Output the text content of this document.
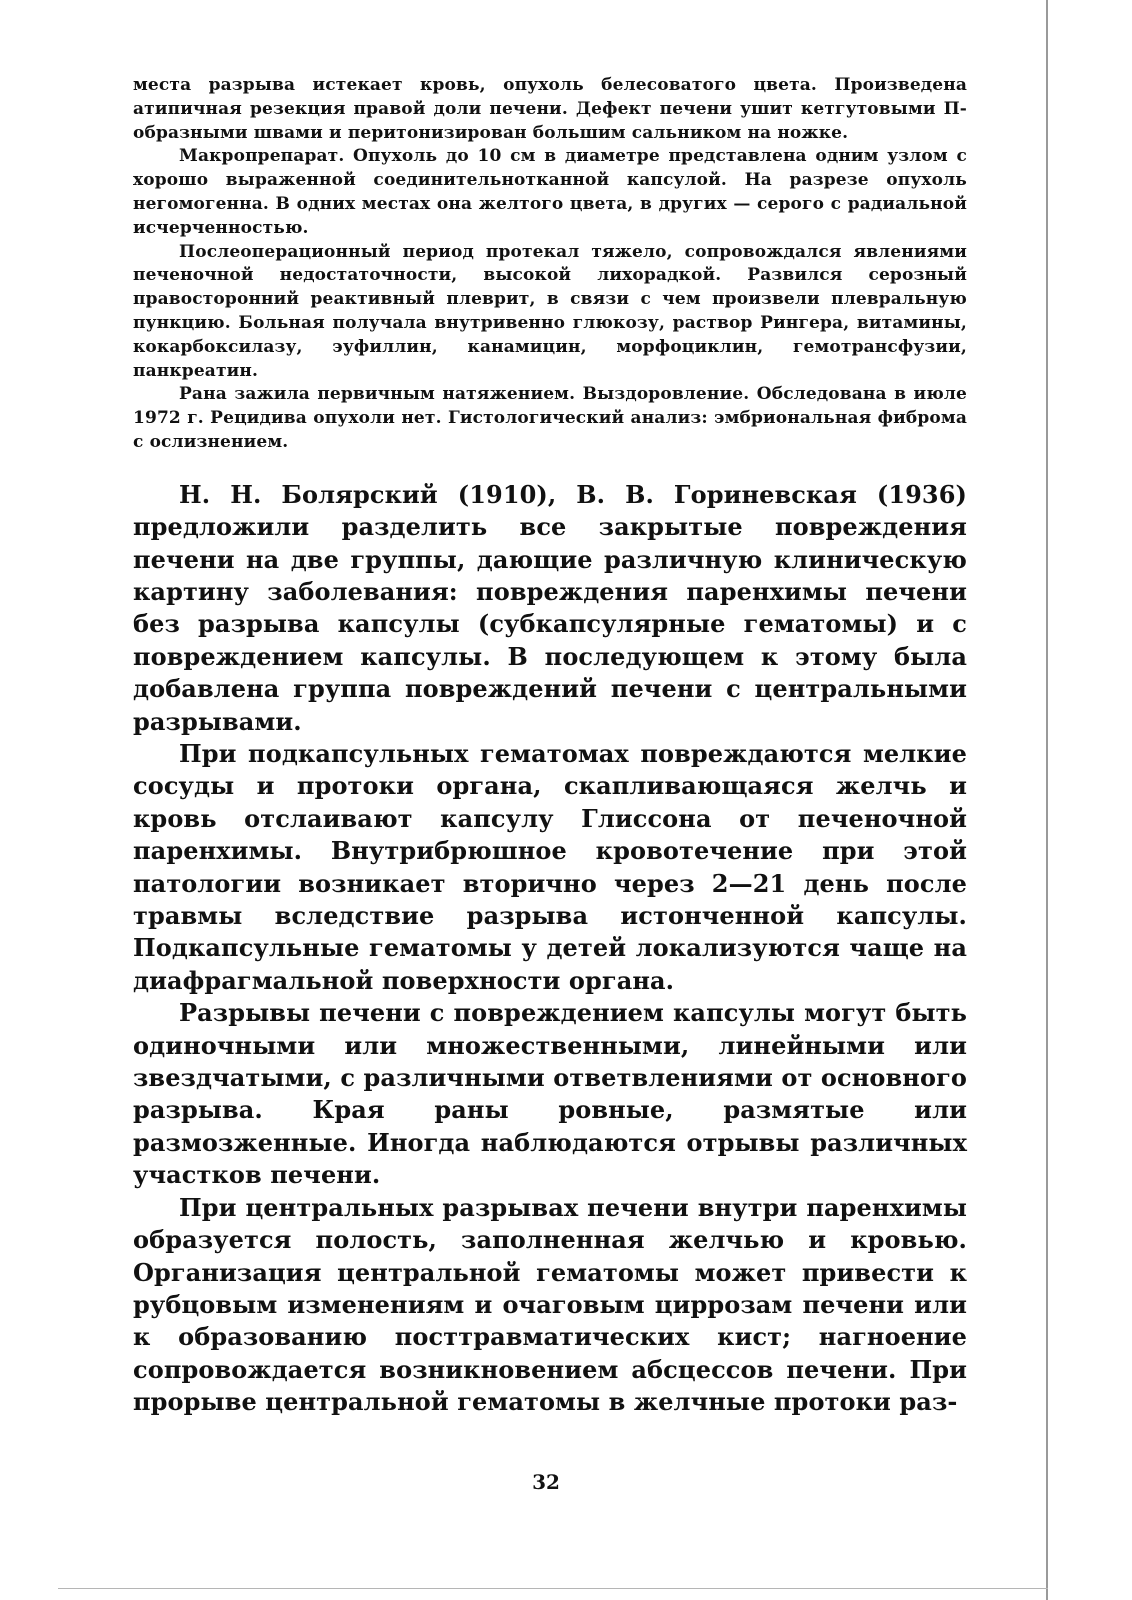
места разрыва истекает кровь, опухоль белесоватого цвета. Произведена атипичная резекция правой доли печени. Дефект печени ушит кетгутовыми П-образными швами и перитонизирован большим сальником на ножке.

Макропрепарат. Опухоль до 10 см в диаметре представлена одним узлом с хорошо выраженной соединительнотканной капсулой. На разрезе опухоль негомогенна. В одних местах она желтого цвета, в других — серого с радиальной исчерченностью.

Послеоперационный период протекал тяжело, сопровождался явлениями печеночной недостаточности, высокой лихорадкой. Развился серозный правосторонний реактивный плеврит, в связи с чем произвели плевральную пункцию. Больная получала внутривенно глюкозу, раствор Рингера, витамины, кокарбоксилазу, эуфиллин, канамицин, морфоциклин, гемотрансфузии, панкреатин.

Рана зажила первичным натяжением. Выздоровление. Обследована в июле 1972 г. Рецидива опухоли нет. Гистологический анализ: эмбриональная фиброма с ослизнением.

Н. Н. Болярский (1910), В. В. Гориневская (1936) предложили разделить все закрытые повреждения печени на две группы, дающие различную клиническую картину заболевания: повреждения паренхимы печени без разрыва капсулы (субкапсулярные гематомы) и с повреждением капсулы. В последующем к этому была добавлена группа повреждений печени с центральными разрывами.

При подкапсульных гематомах повреждаются мелкие сосуды и протоки органа, скапливающаяся желчь и кровь отслаивают капсулу Глиссона от печеночной паренхимы. Внутрибрюшное кровотечение при этой патологии возникает вторично через 2—21 день после травмы вследствие разрыва истонченной капсулы. Подкапсульные гематомы у детей локализуются чаще на диафрагмальной поверхности органа.

Разрывы печени с повреждением капсулы могут быть одиночными или множественными, линейными или звездчатыми, с различными ответвлениями от основного разрыва. Края раны ровные, размятые или размозженные. Иногда наблюдаются отрывы различных участков печени.

При центральных разрывах печени внутри паренхимы образуется полость, заполненная желчью и кровью. Организация центральной гематомы может привести к рубцовым изменениям и очаговым циррозам печени или к образованию посттравматических кист; нагноение сопровождается возникновением абсцессов печени. При прорыве центральной гематомы в желчные протоки раз-

32
